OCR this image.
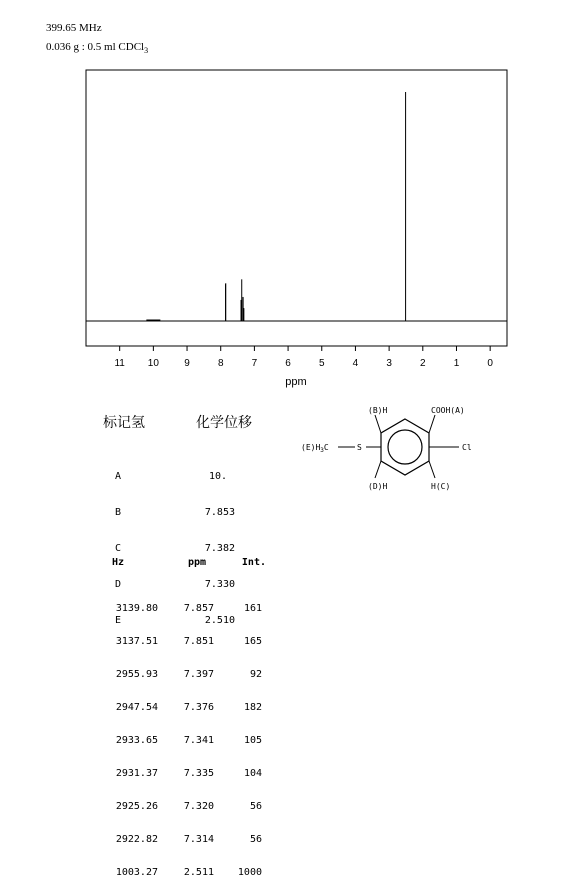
399.65 MHz
0.036 g : 0.5 ml CDCl$_3$
11 10	9	8	7	6	5	4	3	2	1	0
ppm
标记氢	化学位移

A	10.

B	7.853

C	7.382

D	7.330

E	2.510

Hz	ppm	Int.

3139.80	7.857	161

3137.51	7.851	165

2955.93	7.397	92

2947.54	7.376	182

2933.65	7.341	105

2931.37	7.335	104

2925.26	7.320	56

2922.82	7.314	56

1003.27	2.511	1000

(B)H	COOH(A)
$(E)H_3C$	S	Cl
(D)H	H(C)
